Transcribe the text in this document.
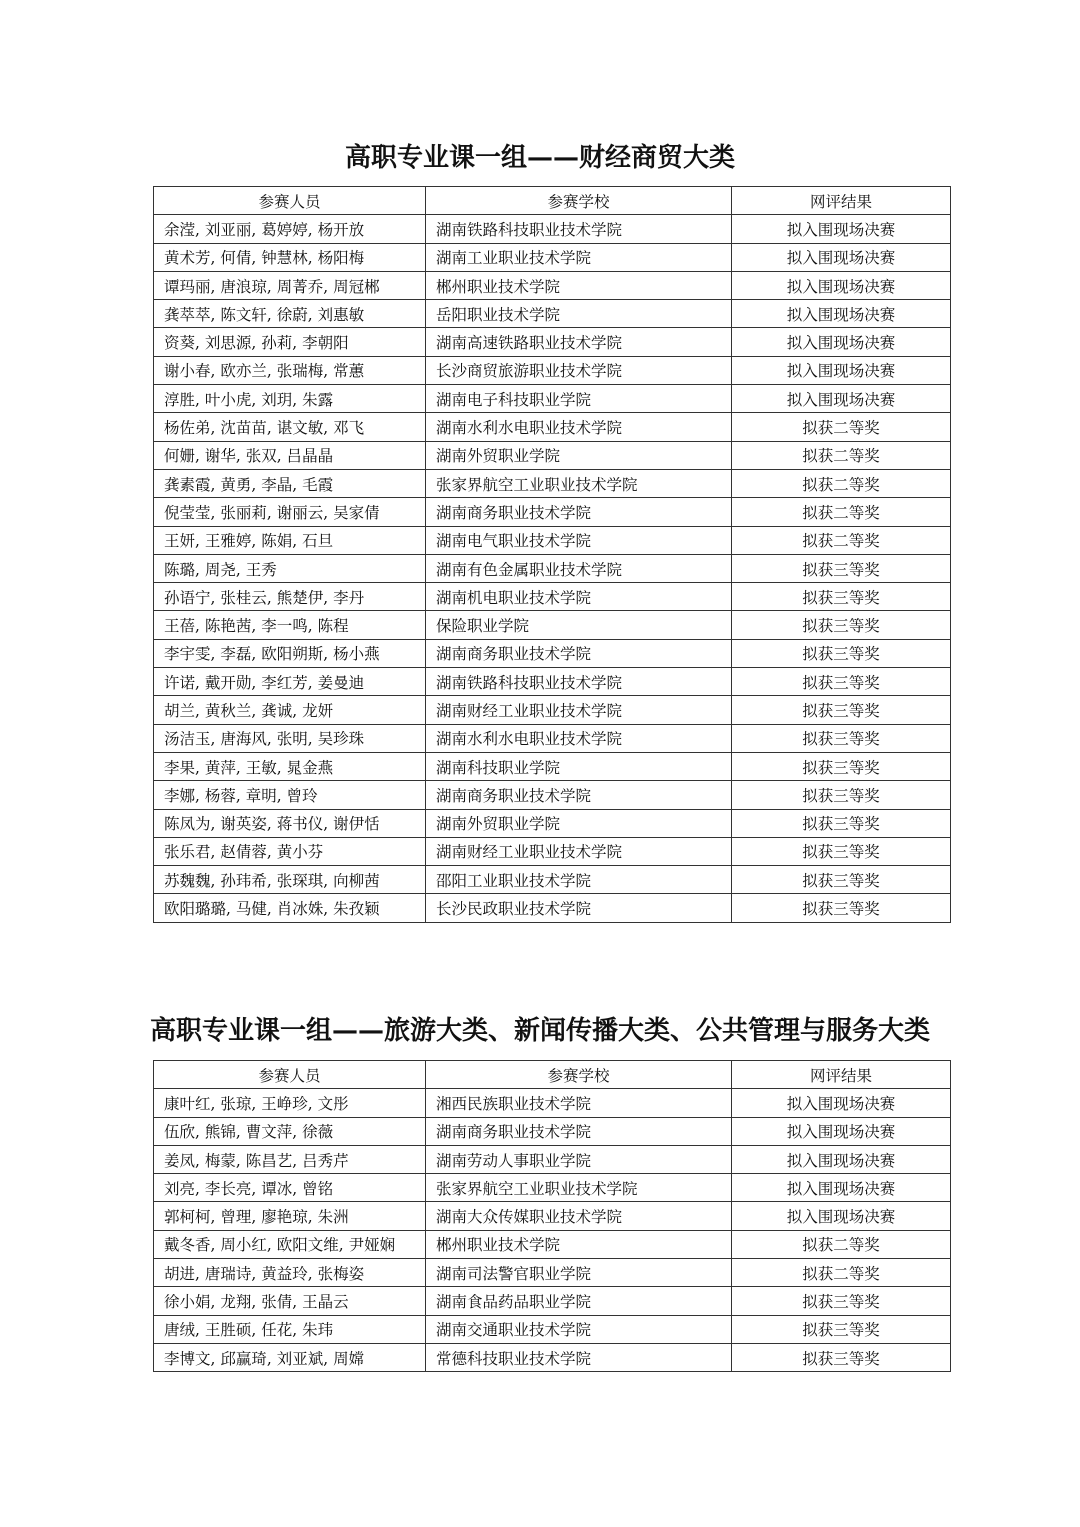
高职专业课一组——财经商贸大类
参赛人员	参赛学校	网评结果
余滢, 刘亚丽, 葛婷婷, 杨开放	湖南铁路科技职业技术学院	拟入围现场决赛
黄术芳, 何倩, 钟慧林, 杨阳梅	湖南工业职业技术学院	拟入围现场决赛
谭玛丽, 唐浪琼, 周菁乔, 周冠郴	郴州职业技术学院	拟入围现场决赛
龚萃萃, 陈文轩, 徐蔚, 刘惠敏	岳阳职业技术学院	拟入围现场决赛
资葵, 刘思源, 孙莉, 李朝阳	湖南高速铁路职业技术学院	拟入围现场决赛
谢小春, 欧亦兰, 张瑞梅, 常蕙	长沙商贸旅游职业技术学院	拟入围现场决赛
淳胜, 叶小虎, 刘玥, 朱露	湖南电子科技职业学院	拟入围现场决赛
杨佐弟, 沈苗苗, 谌文敏, 邓飞	湖南水利水电职业技术学院	拟获二等奖
何姗, 谢华, 张双, 吕晶晶	湖南外贸职业学院	拟获二等奖
龚素霞, 黄勇, 李晶, 毛霞	张家界航空工业职业技术学院	拟获二等奖
倪莹莹, 张丽莉, 谢丽云, 吴家倩	湖南商务职业技术学院	拟获二等奖
王妍, 王雅婷, 陈娟, 石旦	湖南电气职业技术学院	拟获二等奖
陈璐, 周尧, 王秀	湖南有色金属职业技术学院	拟获三等奖
孙语宁, 张桂云, 熊楚伊, 李丹	湖南机电职业技术学院	拟获三等奖
王蓓, 陈艳茜, 李一鸣, 陈程	保险职业学院	拟获三等奖
李宇雯, 李磊, 欧阳朔斯, 杨小燕	湖南商务职业技术学院	拟获三等奖
许诺, 戴开勋, 李红芳, 姜曼迪	湖南铁路科技职业技术学院	拟获三等奖
胡兰, 黄秋兰, 龚诚, 龙妍	湖南财经工业职业技术学院	拟获三等奖
汤洁玉, 唐海风, 张明, 吴珍珠	湖南水利水电职业技术学院	拟获三等奖
李果, 黄萍, 王敏, 晁金燕	湖南科技职业学院	拟获三等奖
李娜, 杨蓉, 章明, 曾玲	湖南商务职业技术学院	拟获三等奖
陈凤为, 谢英姿, 蒋书仪, 谢伊恬	湖南外贸职业学院	拟获三等奖
张乐君, 赵倩蓉, 黄小芬	湖南财经工业职业技术学院	拟获三等奖
苏魏魏, 孙玮希, 张琛琪, 向柳茜	邵阳工业职业技术学院	拟获三等奖
欧阳璐璐, 马健, 肖冰姝, 朱孜颖	长沙民政职业技术学院	拟获三等奖
高职专业课一组——旅游大类、新闻传播大类、公共管理与服务大类
参赛人员	参赛学校	网评结果
康叶红, 张琼, 王峥珍, 文彤	湘西民族职业技术学院	拟入围现场决赛
伍欣, 熊锦, 曹文萍, 徐薇	湖南商务职业技术学院	拟入围现场决赛
姜凤, 梅蒙, 陈昌艺, 吕秀芹	湖南劳动人事职业学院	拟入围现场决赛
刘亮, 李长亮, 谭冰, 曾铭	张家界航空工业职业技术学院	拟入围现场决赛
郭柯柯, 曾理, 廖艳琼, 朱洲	湖南大众传媒职业技术学院	拟入围现场决赛
戴冬香, 周小红, 欧阳文维, 尹娅娴	郴州职业技术学院	拟获二等奖
胡进, 唐瑞诗, 黄益玲, 张梅姿	湖南司法警官职业学院	拟获二等奖
徐小娟, 龙翔, 张倩, 王晶云	湖南食品药品职业学院	拟获三等奖
唐绒, 王胜硕, 任花, 朱玮	湖南交通职业技术学院	拟获三等奖
李博文, 邱赢琦, 刘亚斌, 周嫦	常德科技职业技术学院	拟获三等奖
